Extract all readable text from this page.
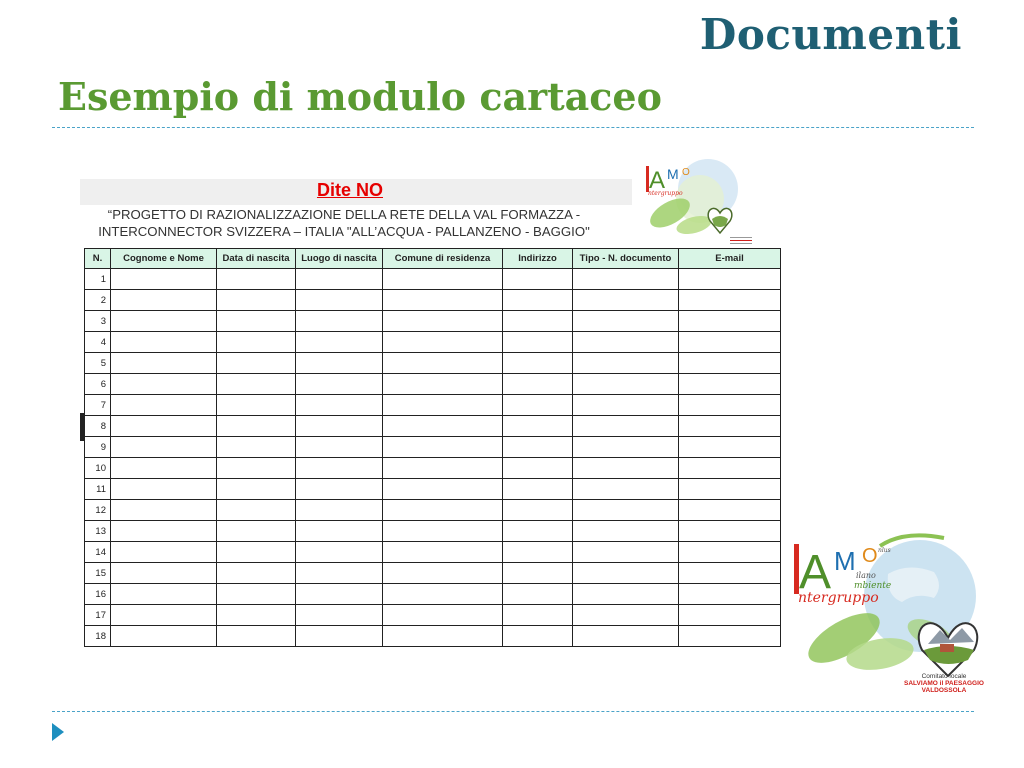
Documenti
Esempio di modulo cartaceo
Dite NO
“PROGETTO DI RAZIONALIZZAZIONE DELLA RETE DELLA VAL FORMAZZA -
INTERCONNECTOR SVIZZERA – ITALIA "ALL’ACQUA - PALLANZENO - BAGGIO"
N.	Cognome e Nome	Data di nascita	Luogo di nascita	Comune di residenza	Indirizzo	Tipo - N. documento	E-mail
1							
2							
3							
4							
5							
6							
7							
8							
9							
10							
11							
12							
13							
14							
15							
16							
17							
18							
A M O
ntergruppo
A M O nlus
ilano
mbiente
ntergruppo
Comitato locale
SALVIAMO il PAESAGGIO
VALDOSSOLA
